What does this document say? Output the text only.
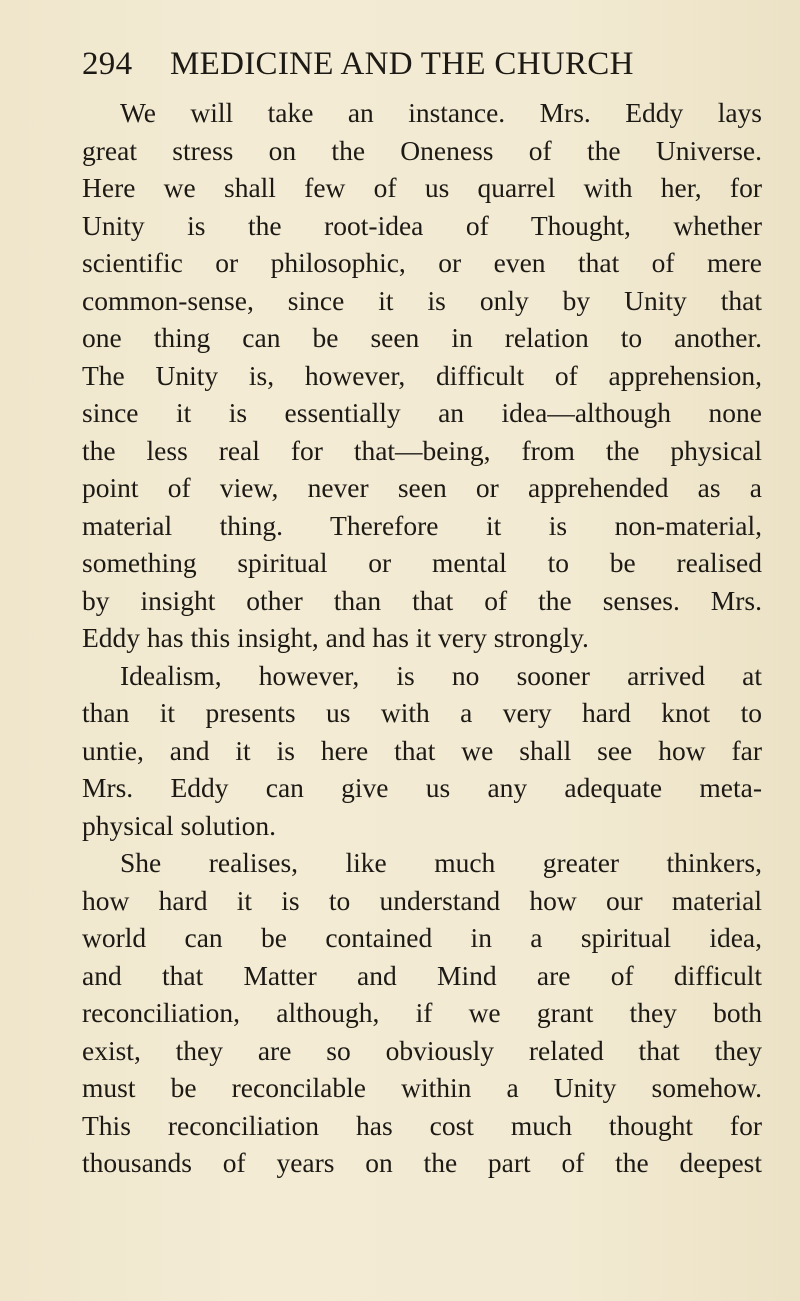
294 MEDICINE AND THE CHURCH
We will take an instance. Mrs. Eddy lays
great stress on the Oneness of the Universe.
Here we shall few of us quarrel with her, for
Unity is the root-idea of Thought, whether
scientific or philosophic, or even that of mere
common-sense, since it is only by Unity that
one thing can be seen in relation to another.
The Unity is, however, difficult of apprehension,
since it is essentially an idea—although none
the less real for that—being, from the physical
point of view, never seen or apprehended as a
material thing. Therefore it is non-material,
something spiritual or mental to be realised
by insight other than that of the senses. Mrs.
Eddy has this insight, and has it very strongly.
Idealism, however, is no sooner arrived at
than it presents us with a very hard knot to
untie, and it is here that we shall see how far
Mrs. Eddy can give us any adequate meta-
physical solution.
She realises, like much greater thinkers,
how hard it is to understand how our material
world can be contained in a spiritual idea,
and that Matter and Mind are of difficult
reconciliation, although, if we grant they both
exist, they are so obviously related that they
must be reconcilable within a Unity somehow.
This reconciliation has cost much thought for
thousands of years on the part of the deepest
